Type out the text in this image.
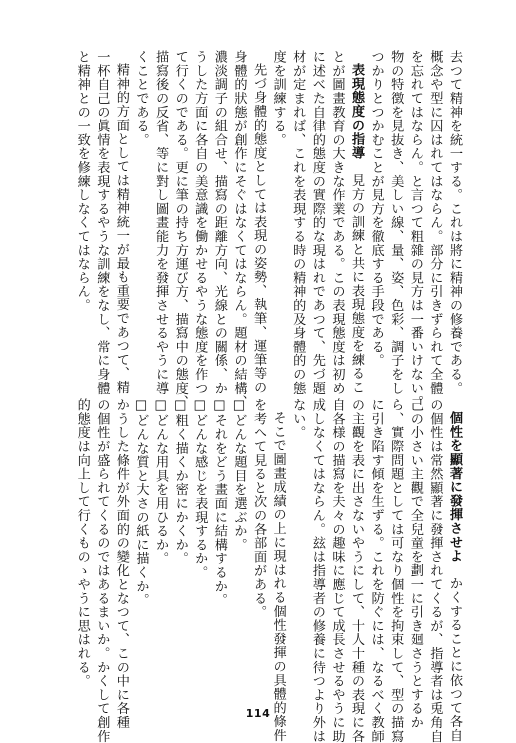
去つて精神を統一する。これは將に精神の修養である。
概念や型に囚はれてはならん。部分に引きずられて全體
を忘れてはならん。と言つて粗雜の見方は一番いけない。
物の特徴を見抜き、美しい線、量、姿、色彩、調子をし
つかりとつかむことが見方を徹底する手段である。
表現態度の指導　見方の訓練と共に表現態度を練るこ
とが圖畫教育の大きな作業である。この表現態度は初め
に述べた自律的態度の實際的な現はれであつて、先づ題
材が定まれば、これを表現する時の精神的及身體的の態
度を訓練する。
先づ身體的態度としては表現の姿勢、執筆、運筆等の
身體的狀態が創作にそぐはなくてはならん。題材の結構、
濃淡調子の組合せ、描寫の距離方向、光線との關係、か
うした方面に各自の美意識を働かせるやうな態度を作つ
て行くのである。更に筆の持ち方運び方、描寫中の態度、
描寫後の反省、等に對し圖畫能力を發揮させるやうに導
くことである。
精神的方面としては精神統一が最も重要であつて、精
一杯自己の眞情を表現するやうな訓練をなし、常に身體
と精神との一致を修練しなくてはならん。
個性を顯著に發揮させよ　かくすることに依つて各自
の個性は常然顯著に發揮されてくるが、指導者は兎角自
己の小さい主觀で全兒童を劃一に引き廻さうとするか
ら、實際問題としては可なり個性を拘束して、型の描寫
に引き陷す傾を生ずる。これを防ぐには、なるべく教師
の主觀を表に出さないやうにして、十人十種の表現に各
自各様の描寫を夫々の趣味に應じて成長させるやうに助
成しなくてはならん。玆は指導者の修養に待つより外は
ない。
そこで圖畫成績の上に現はれる個性發揮の具體的條件
を考へて見ると次の各部面がある。
□どんな題目を選ぶか。
□それをどう畫面に結構するか。
□どんな感じを表現するか。
□粗く描くか密にかくか。
□どんな用具を用ひるか。
□どんな質と大さの紙に描くか。
かうした條件が外面的の變化となつて、この中に各種
の個性が盛られてくるのではあるまいか。かくして創作
的態度は向上して行くものゝやうに思はれる。
114
